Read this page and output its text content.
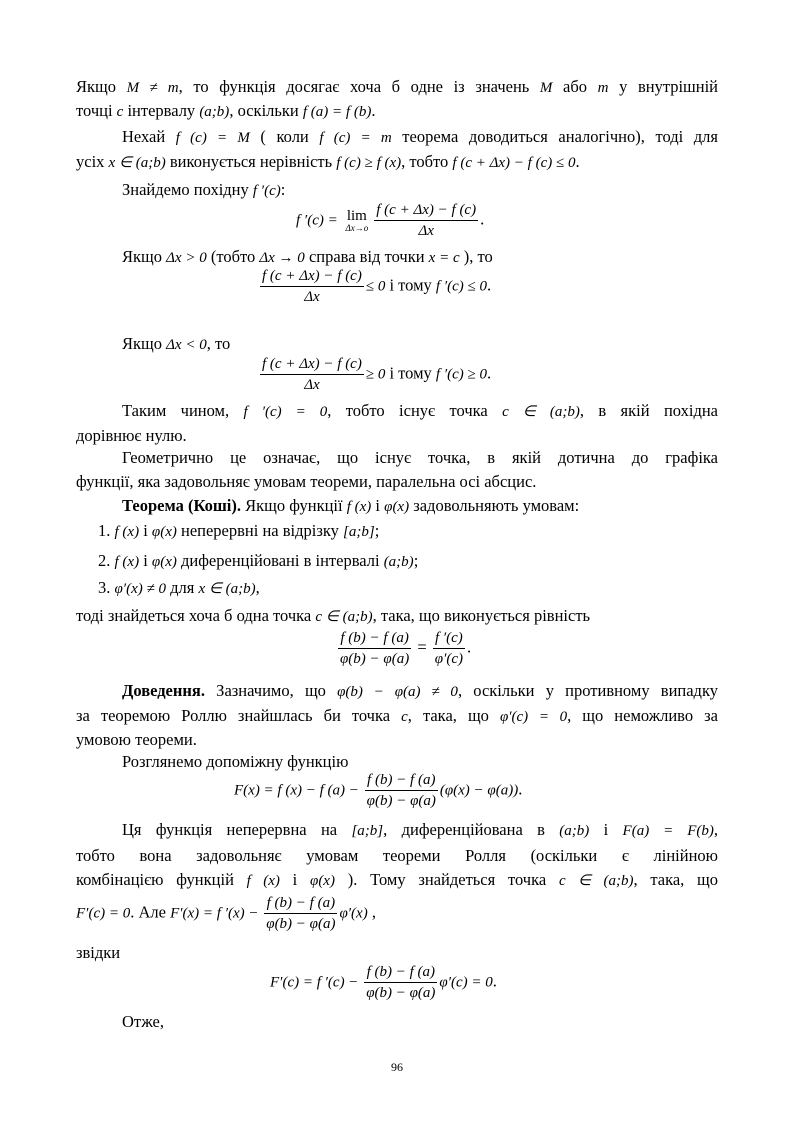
Якщо M ≠ m, то функція досягає хоча б одне із значень M або m у внутрішній
точці c інтервалу (a;b), оскільки f (a) = f (b).
Нехай f (c) = M ( коли f (c) = m теорема доводиться аналогічно), тоді для
усіх x ∈ (a;b) виконується нерівність f (c) ≥ f (x), тобто f (c + Δx) − f (c) ≤ 0.
Знайдемо похідну f ′(c):
f ′(c) = lim
$\Delta x\to o \frac{f (c + \Delta x) - f (c)}{\Delta x}$ .
Якщо Δx > 0 (тобто Δx → 0 справа від точки x = c ), то
$\frac{f (c + \Delta x) - f (c)}{\Delta x} \le 0$ і тому f ′(c) ≤ 0.
Якщо Δx < 0, то
$\frac{f (c + \Delta x) - f (c)}{\Delta x} \ge 0$ і тому f ′(c) ≥ 0.
Таким чином, f ′(c) = 0, тобто існує точка c ∈ (a;b), в якій похідна
дорівнює нулю.
Геометрично це означає, що існує точка, в якій дотична до графіка
функції, яка задовольняє умовам теореми, паралельна осі абсцис.
Теорема (Коші). Якщо функції f (x) і φ(x) задовольняють умовам:
1. f (x) і φ(x) неперервні на відрізку [a;b];
2. f (x) і φ(x) диференційовані в інтервалі (a;b);
3. φ′(x) ≠ 0 для x ∈ (a;b),
тоді знайдеться хоча б одна точка c ∈ (a;b), така, що виконується рівність
$\frac{f (b) - f (a)}{\varphi(b) - \varphi(a)} = \frac{f '(c)}{\varphi'(c)}$ .
Доведення. Зазначимо, що φ(b) − φ(a) ≠ 0, оскільки у противному випадку
за теоремою Роллю знайшлась би точка c, така, що φ′(c) = 0, що неможливо за
умовою теореми.
Розглянемо допоміжну функцію
F(x) = f (x) − f $(a) - \frac{f (b) - f (a)}{\varphi(b) - \varphi(a)} (\varphi(x) - \varphi(a))$.
Ця функція неперервна на [a;b], диференційована в (a;b) і F(a) = F(b),
тобто вона задовольняє умовам теореми Ролля (оскільки є лінійною
комбінацією функцій f (x) і φ(x) ). Тому знайдеться точка c ∈ (a;b), така, що
F′(c) = 0. Але F′(x) = f $'(x) - \frac{f (b) - f (a)}{\varphi(b) - \varphi(a)} \varphi'(x)$ ,
звідки
F′(c) = f $'(c) - \frac{f (b) - f (a)}{\varphi(b) - \varphi(a)} \varphi'(c) = 0$.
Отже,
96
